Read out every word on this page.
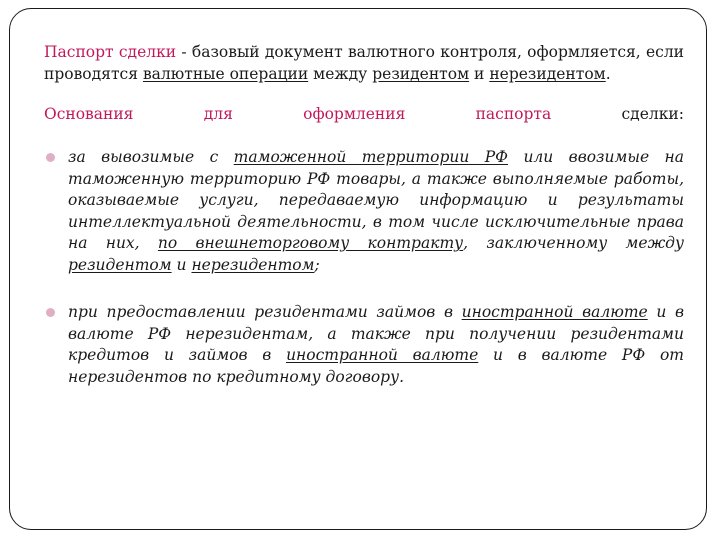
Паспорт сделки - базовый документ валютного контроля, оформляется, если проводятся валютные операции между резидентом и нерезидентом.

Основания	для	оформления	паспорта	сделки:
за вывозимые с таможенной территории РФ или ввозимые на таможенную территорию РФ товары, а также выполняемые работы, оказываемые услуги, передаваемую информацию и результаты интеллектуальной деятельности, в том числе исключительные права на них, по внешнеторговому контракту, заключенному между резидентом и нерезидентом;
при предоставлении резидентами займов в иностранной валюте и в валюте РФ нерезидентам, а также при получении резидентами кредитов и займов в иностранной валюте и в валюте РФ от нерезидентов по кредитному договору.
